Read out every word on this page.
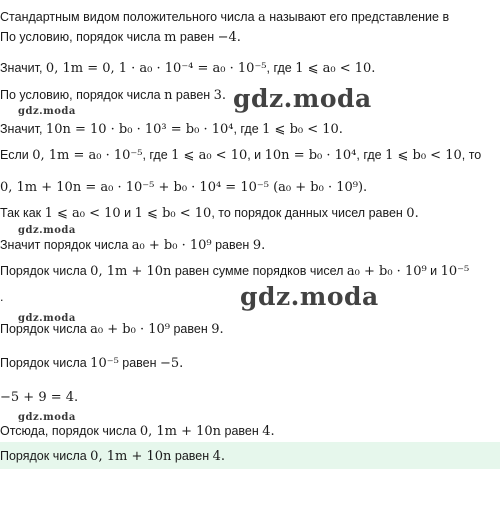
Стандартным видом положительного числа a называют его представление в
По условию, порядок числа m равен −4.
Значит, 0, 1m = 0, 1 · a₀ · 10⁻⁴ = a₀ · 10⁻⁵, где 1 ⩽ a₀ < 10.
По условию, порядок числа n равен 3.
Значит, 10n = 10 · b₀ · 10³ = b₀ · 10⁴, где 1 ⩽ b₀ < 10.
Если 0, 1m = a₀ · 10⁻⁵, где 1 ⩽ a₀ < 10, и 10n = b₀ · 10⁴, где 1 ⩽ b₀ < 10, то
0, 1m + 10n = a₀ · 10⁻⁵ + b₀ · 10⁴ = 10⁻⁵ (a₀ + b₀ · 10⁹).
Так как 1 ⩽ a₀ < 10 и 1 ⩽ b₀ < 10, то порядок данных чисел равен 0.
Значит порядок числа a₀ + b₀ · 10⁹ равен 9.
Порядок числа 0, 1m + 10n равен сумме порядков чисел a₀ + b₀ · 10⁹ и 10⁻⁵
.
Порядок числа a₀ + b₀ · 10⁹ равен 9.
Порядок числа 10⁻⁵ равен −5.
−5 + 9 = 4.
Отсюда, порядок числа 0, 1m + 10n равен 4.
Порядок числа 0, 1m + 10n равен 4.
gdz.moda
gdz.moda
gdz.moda
gdz.moda
gdz.moda
gdz.moda
